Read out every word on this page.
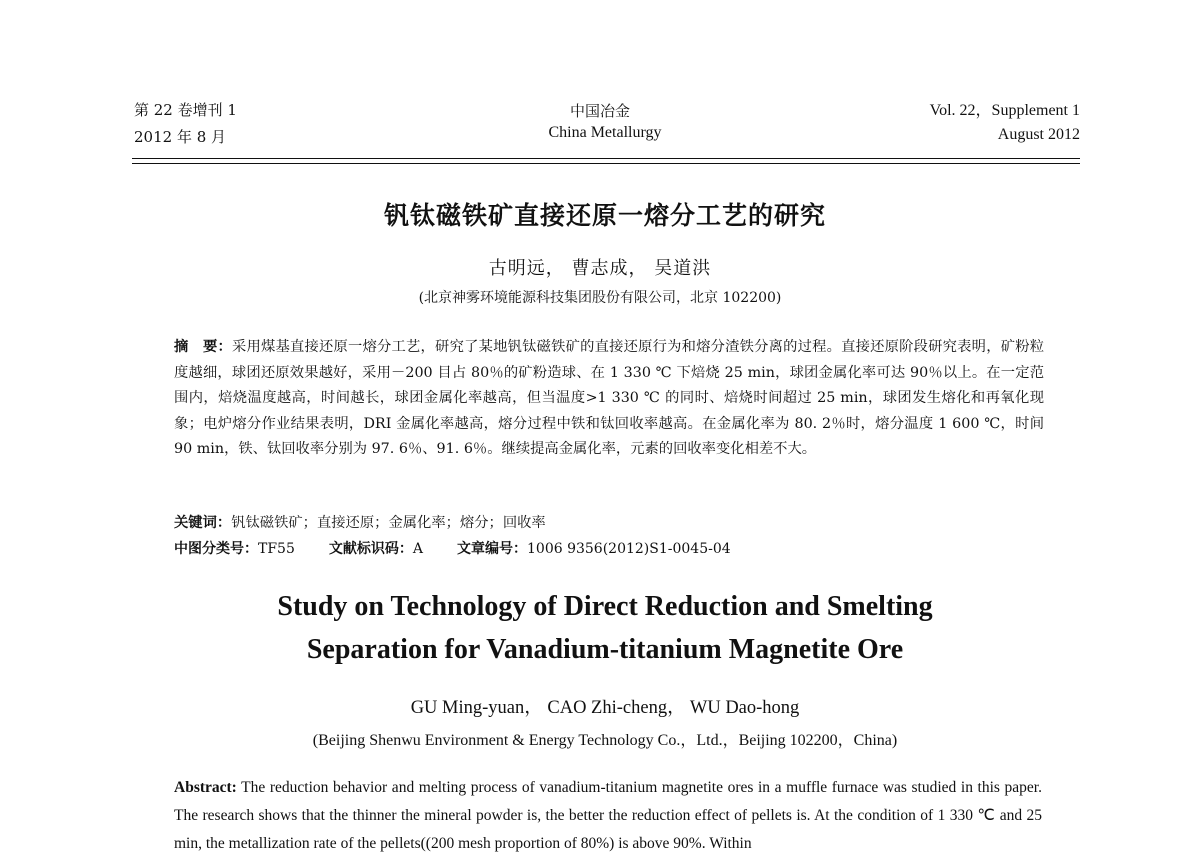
第 22 卷增刊 1
2012 年 8 月
中国冶金
China Metallurgy
Vol. 22，Supplement 1
August 2012
钒钛磁铁矿直接还原一熔分工艺的研究
古明远， 曹志成， 吴道洪
(北京神雾环境能源科技集团股份有限公司，北京 102200)
摘　要：采用煤基直接还原一熔分工艺，研究了某地钒钛磁铁矿的直接还原行为和熔分渣铁分离的过程。直接还原阶段研究表明，矿粉粒度越细，球团还原效果越好，采用－200 目占 80％的矿粉造球、在 1 330 ℃ 下焙烧 25 min，球团金属化率可达 90％以上。在一定范围内，焙烧温度越高，时间越长，球团金属化率越高，但当温度>1 330 ℃ 的同时、焙烧时间超过 25 min，球团发生熔化和再氧化现象；电炉熔分作业结果表明，DRI 金属化率越高，熔分过程中铁和钛回收率越高。在金属化率为 80. 2％时，熔分温度 1 600 ℃，时间 90 min，铁、钛回收率分别为 97. 6％、91. 6％。继续提高金属化率，元素的回收率变化相差不大。
关键词：钒钛磁铁矿；直接还原；金属化率；熔分；回收率
中图分类号：TF55 文献标识码：A 文章编号：1006 9356(2012)S1-0045-04
Study on Technology of Direct Reduction and Smelting
Separation for Vanadium-titanium Magnetite Ore
GU Ming-yuan， CAO Zhi-cheng， WU Dao-hong
(Beijing Shenwu Environment & Energy Technology Co.，Ltd.，Beijing 102200，China)
Abstract: The reduction behavior and melting process of vanadium-titanium magnetite ores in a muffle furnace was studied in this paper. The research shows that the thinner the mineral powder is, the better the reduction effect of pellets is. At the condition of 1 330 ℃ and 25 min, the metallization rate of the pellets((200 mesh proportion of 80%) is above 90%. Within
